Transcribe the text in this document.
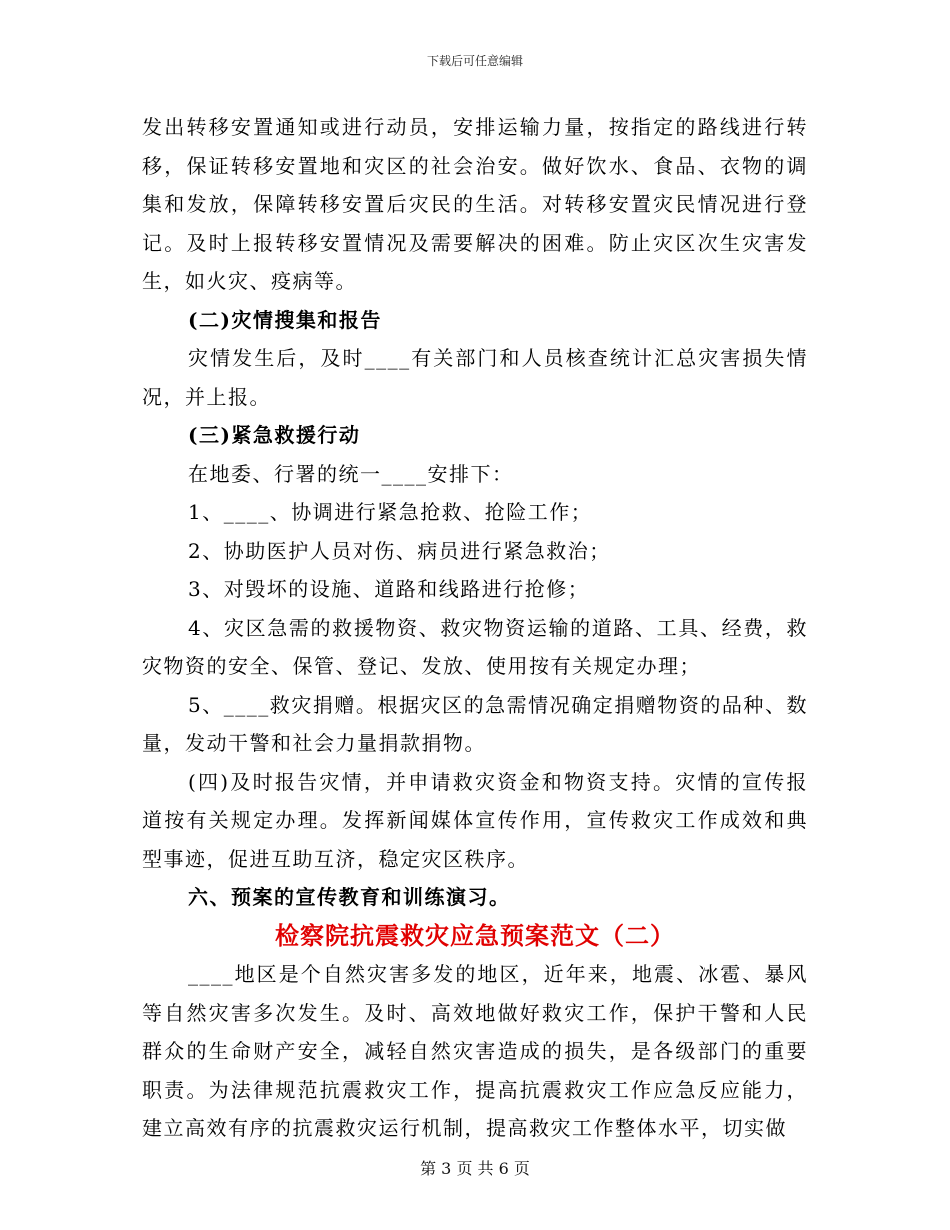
下载后可任意编辑

发出转移安置通知或进行动员，安排运输力量，按指定的路线进行转移，保证转移安置地和灾区的社会治安。做好饮水、食品、衣物的调集和发放，保障转移安置后灾民的生活。对转移安置灾民情况进行登记。及时上报转移安置情况及需要解决的困难。防止灾区次生灾害发生，如火灾、疫病等。

(二)灾情搜集和报告

灾情发生后，及时____有关部门和人员核查统计汇总灾害损失情况，并上报。

(三)紧急救援行动

在地委、行署的统一____安排下：

1、____、协调进行紧急抢救、抢险工作；

2、协助医护人员对伤、病员进行紧急救治；

3、对毁坏的设施、道路和线路进行抢修；

4、灾区急需的救援物资、救灾物资运输的道路、工具、经费，救灾物资的安全、保管、登记、发放、使用按有关规定办理；

5、____救灾捐赠。根据灾区的急需情况确定捐赠物资的品种、数量，发动干警和社会力量捐款捐物。

(四)及时报告灾情，并申请救灾资金和物资支持。灾情的宣传报道按有关规定办理。发挥新闻媒体宣传作用，宣传救灾工作成效和典型事迹，促进互助互济，稳定灾区秩序。

六、预案的宣传教育和训练演习。

检察院抗震救灾应急预案范文（二）

____地区是个自然灾害多发的地区，近年来，地震、冰雹、暴风等自然灾害多次发生。及时、高效地做好救灾工作，保护干警和人民群众的生命财产安全，减轻自然灾害造成的损失，是各级部门的重要职责。为法律规范抗震救灾工作，提高抗震救灾工作应急反应能力，建立高效有序的抗震救灾运行机制，提高救灾工作整体水平，切实做

第 3 页 共 6 页
